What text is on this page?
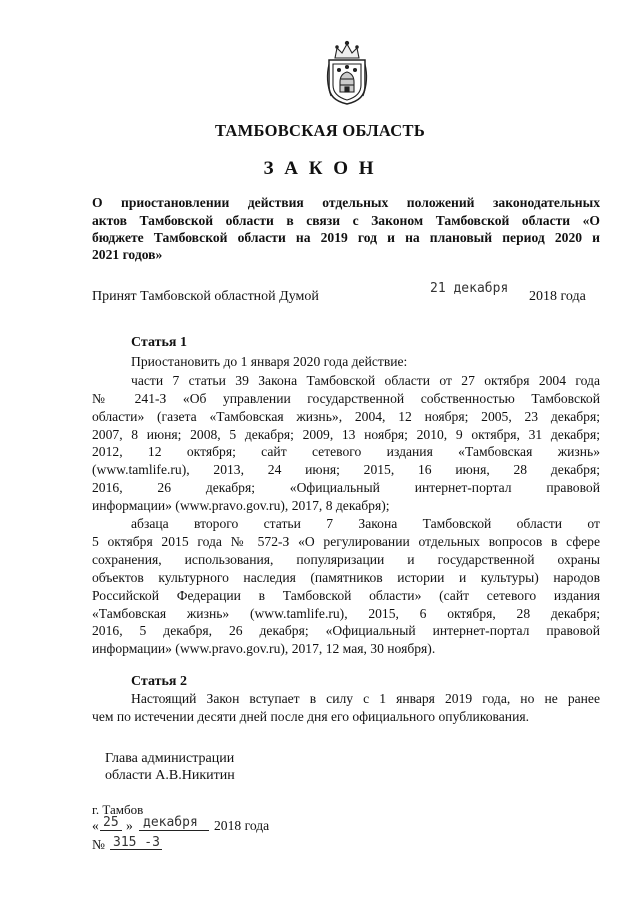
ТАМБОВСКАЯ ОБЛАСТЬ
З А К О Н
О приостановлении действия отдельных положений законодательных
актов Тамбовской области в связи с Законом Тамбовской области «О
бюджете Тамбовской области на 2019 год и на плановый период 2020 и
2021 годов»
Принят Тамбовской областной Думой
21 декабря
2018 года
Статья 1
Приостановить до 1 января 2020 года действие:
части 7 статьи 39 Закона Тамбовской области от 27 октября 2004 года
№ 241-З «Об управлении государственной собственностью Тамбовской
области» (газета «Тамбовская жизнь», 2004, 12 ноября; 2005, 23 декабря;
2007, 8 июня; 2008, 5 декабря; 2009, 13 ноября; 2010, 9 октября, 31 декабря;
2012, 12 октября; сайт сетевого издания «Тамбовская жизнь»
(www.tamlife.ru), 2013, 24 июня; 2015, 16 июня, 28 декабря;
2016, 26 декабря; «Официальный интернет-портал правовой
информации» (www.pravo.gov.ru), 2017, 8 декабря);
абзаца второго статьи 7 Закона Тамбовской области от
5 октября 2015 года № 572-З «О регулировании отдельных вопросов в сфере
сохранения, использования, популяризации и государственной охраны
объектов культурного наследия (памятников истории и культуры) народов
Российской Федерации в Тамбовской области» (сайт сетевого издания
«Тамбовская жизнь» (www.tamlife.ru), 2015, 6 октября, 28 декабря;
2016, 5 декабря, 26 декабря; «Официальный интернет-портал правовой
информации» (www.pravo.gov.ru), 2017, 12 мая, 30 ноября).
Статья 2
Настоящий Закон вступает в силу с 1 января 2019 года, но не ранее
чем по истечении десяти дней после дня его официального опубликования.
Глава администрации
области А.В.Никитин
г. Тамбов
« 25 » декабря 2018 года
№ 315 -З
